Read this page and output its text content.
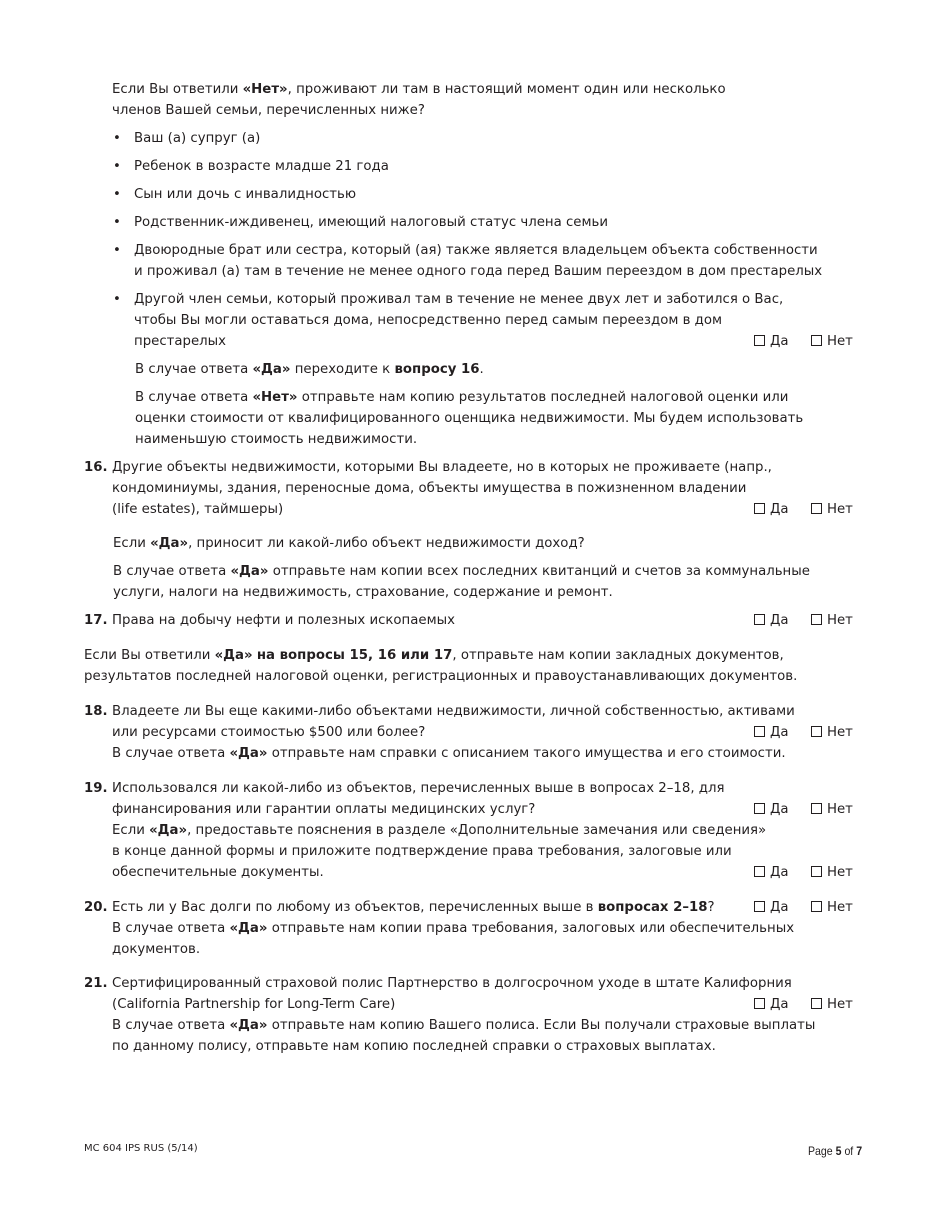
Если Вы ответили «Нет», проживают ли там в настоящий момент один или несколько
членов Вашей семьи, перечисленных ниже?
• Ваш (а) супруг (а)
• Ребенок в возрасте младше 21 года
• Сын или дочь с инвалидностью
• Родственник-иждивенец, имеющий налоговый статус члена семьи
• Двоюродные брат или сестра, который (ая) также является владельцем объекта собственности
и проживал (а) там в течение не менее одного года перед Вашим переездом в дом престарелых
• Другой член семьи, который проживал там в течение не менее двух лет и заботился о Вас,
чтобы Вы могли оставаться дома, непосредственно перед самым переездом в дом
престарелых	Да	Нет
В случае ответа «Да» переходите к вопросу 16.
В случае ответа «Нет» отправьте нам копию результатов последней налоговой оценки или
оценки стоимости от квалифицированного оценщика недвижимости. Мы будем использовать
наименьшую стоимость недвижимости.
16. Другие объекты недвижимости, которыми Вы владеете, но в которых не проживаете (напр.,
кондоминиумы, здания, переносные дома, объекты имущества в пожизненном владении
(life estates), таймшеры)	Да	Нет
Если «Да», приносит ли какой-либо объект недвижимости доход?
В случае ответа «Да» отправьте нам копии всех последних квитанций и счетов за коммунальные
услуги, налоги на недвижимость, страхование, содержание и ремонт.
17. Права на добычу нефти и полезных ископаемых	Да	Нет
Если Вы ответили «Да» на вопросы 15, 16 или 17, отправьте нам копии закладных документов,
результатов последней налоговой оценки, регистрационных и правоустанавливающих документов.
18. Владеете ли Вы еще какими-либо объектами недвижимости, личной собственностью, активами
или ресурсами стоимостью $500 или более?
В случае ответа «Да» отправьте нам справки с описанием такого имущества и его стоимости.
Да	Нет
19. Использовался ли какой-либо из объектов, перечисленных выше в вопросах 2–18, для
финансирования или гарантии оплаты медицинских услуг?
Если «Да», предоставьте пояснения в разделе «Дополнительные замечания или сведения»
в конце данной формы и приложите подтверждение права требования, залоговые или
обеспечительные документы.
Да	Нет
Да	Нет
20. Есть ли у Вас долги по любому из объектов, перечисленных выше в вопросах 2–18?
В случае ответа «Да» отправьте нам копии права требования, залоговых или обеспечительных
документов.
Да	Нет
21. Сертифицированный страховой полис Партнерство в долгосрочном уходе в штате Калифорния
(California Partnership for Long-Term Care)
В случае ответа «Да» отправьте нам копию Вашего полиса. Если Вы получали страховые выплаты
по данному полису, отправьте нам копию последней справки о страховых выплатах.
Да	Нет
MC 604 IPS RUS (5/14)	Page 5 of 7
